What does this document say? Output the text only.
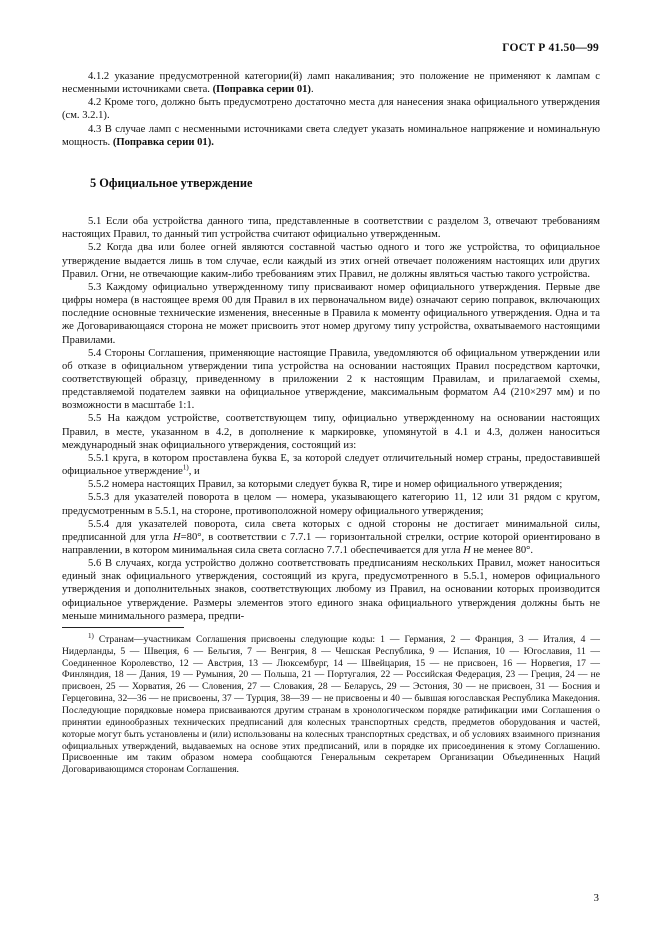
ГОСТ Р 41.50—99

4.1.2 указание предусмотренной категории(й) ламп накаливания; это положение не применяют к лампам с несменными источниками света. (Поправка серии 01).

4.2 Кроме того, должно быть предусмотрено достаточно места для нанесения знака официального утверждения (см. 3.2.1).

4.3 В случае ламп с несменными источниками света следует указать номинальное напряжение и номинальную мощность. (Поправка серии 01).

5 Официальное утверждение

5.1 Если оба устройства данного типа, представленные в соответствии с разделом 3, отвечают требованиям настоящих Правил, то данный тип устройства считают официально утвержденным.

5.2 Когда два или более огней являются составной частью одного и того же устройства, то официальное утверждение выдается лишь в том случае, если каждый из этих огней отвечает положениям настоящих или других Правил. Огни, не отвечающие каким-либо требованиям этих Правил, не должны являться частью такого устройства.

5.3 Каждому официально утвержденному типу присваивают номер официального утверждения. Первые две цифры номера (в настоящее время 00 для Правил в их первоначальном виде) означают серию поправок, включающих последние основные технические изменения, внесенные в Правила к моменту официального утверждения. Одна и та же Договаривающаяся сторона не может присвоить этот номер другому типу устройства, охватываемого настоящими Правилами.

5.4 Стороны Соглашения, применяющие настоящие Правила, уведомляются об официальном утверждении или об отказе в официальном утверждении типа устройства на основании настоящих Правил посредством карточки, соответствующей образцу, приведенному в приложении 2 к настоящим Правилам, и прилагаемой схемы, представляемой подателем заявки на официальное утверждение, максимальным форматом А4 (210×297 мм) и по возможности в масштабе 1:1.

5.5 На каждом устройстве, соответствующем типу, официально утвержденному на основании настоящих Правил, в месте, указанном в 4.2, в дополнение к маркировке, упомянутой в 4.1 и 4.3, должен наноситься международный знак официального утверждения, состоящий из:

5.5.1 круга, в котором проставлена буква Е, за которой следует отличительный номер страны, предоставившей официальное утверждение$^{1)}$, и

5.5.2 номера настоящих Правил, за которыми следует буква R, тире и номер официального утверждения;

5.5.3 для указателей поворота в целом — номера, указывающего категорию 11, 12 или 31 рядом с кругом, предусмотренным в 5.5.1, на стороне, противоположной номеру официального утверждения;

5.5.4 для указателей поворота, сила света которых с одной стороны не достигает минимальной силы, предписанной для угла Н=80°, в соответствии с 7.7.1 — горизонтальной стрелки, острие которой ориентировано в направлении, в котором минимальная сила света согласно 7.7.1 обеспечивается для угла Н не менее 80°.

5.6 В случаях, когда устройство должно соответствовать предписаниям нескольких Правил, может наноситься единый знак официального утверждения, состоящий из круга, предусмотренного в 5.5.1, номеров официального утверждения и дополнительных знаков, соответствующих любому из Правил, на основании которых производится официальное утверждение. Размеры элементов этого единого знака официального утверждения должны быть не меньше минимального размера, предпи-

$^{1)}$ Странам—участникам Соглашения присвоены следующие коды: 1 — Германия, 2 — Франция, 3 — Италия, 4 — Нидерланды, 5 — Швеция, 6 — Бельгия, 7 — Венгрия, 8 — Чешская Республика, 9 — Испания, 10 — Югославия, 11 — Соединенное Королевство, 12 — Австрия, 13 — Люксембург, 14 — Швейцария, 15 — не присвоен, 16 — Норвегия, 17 — Финляндия, 18 — Дания, 19 — Румыния, 20 — Польша, 21 — Португалия, 22 — Российская Федерация, 23 — Греция, 24 — не присвоен, 25 — Хорватия, 26 — Словения, 27 — Словакия, 28 — Беларусь, 29 — Эстония, 30 — не присвоен, 31 — Босния и Герцеговина, 32—36 — не присвоены, 37 — Турция, 38—39 — не присвоены и 40 — бывшая югославская Республика Македония. Последующие порядковые номера присваиваются другим странам в хронологическом порядке ратификации ими Соглашения о принятии единообразных технических предписаний для колесных транспортных средств, предметов оборудования и частей, которые могут быть установлены и (или) использованы на колесных транспортных средствах, и об условиях взаимного признания официальных утверждений, выдаваемых на основе этих предписаний, или в порядке их присоединения к этому Соглашению. Присвоенные им таким образом номера сообщаются Генеральным секретарем Организации Объединенных Наций Договаривающимся сторонам Соглашения.

3
